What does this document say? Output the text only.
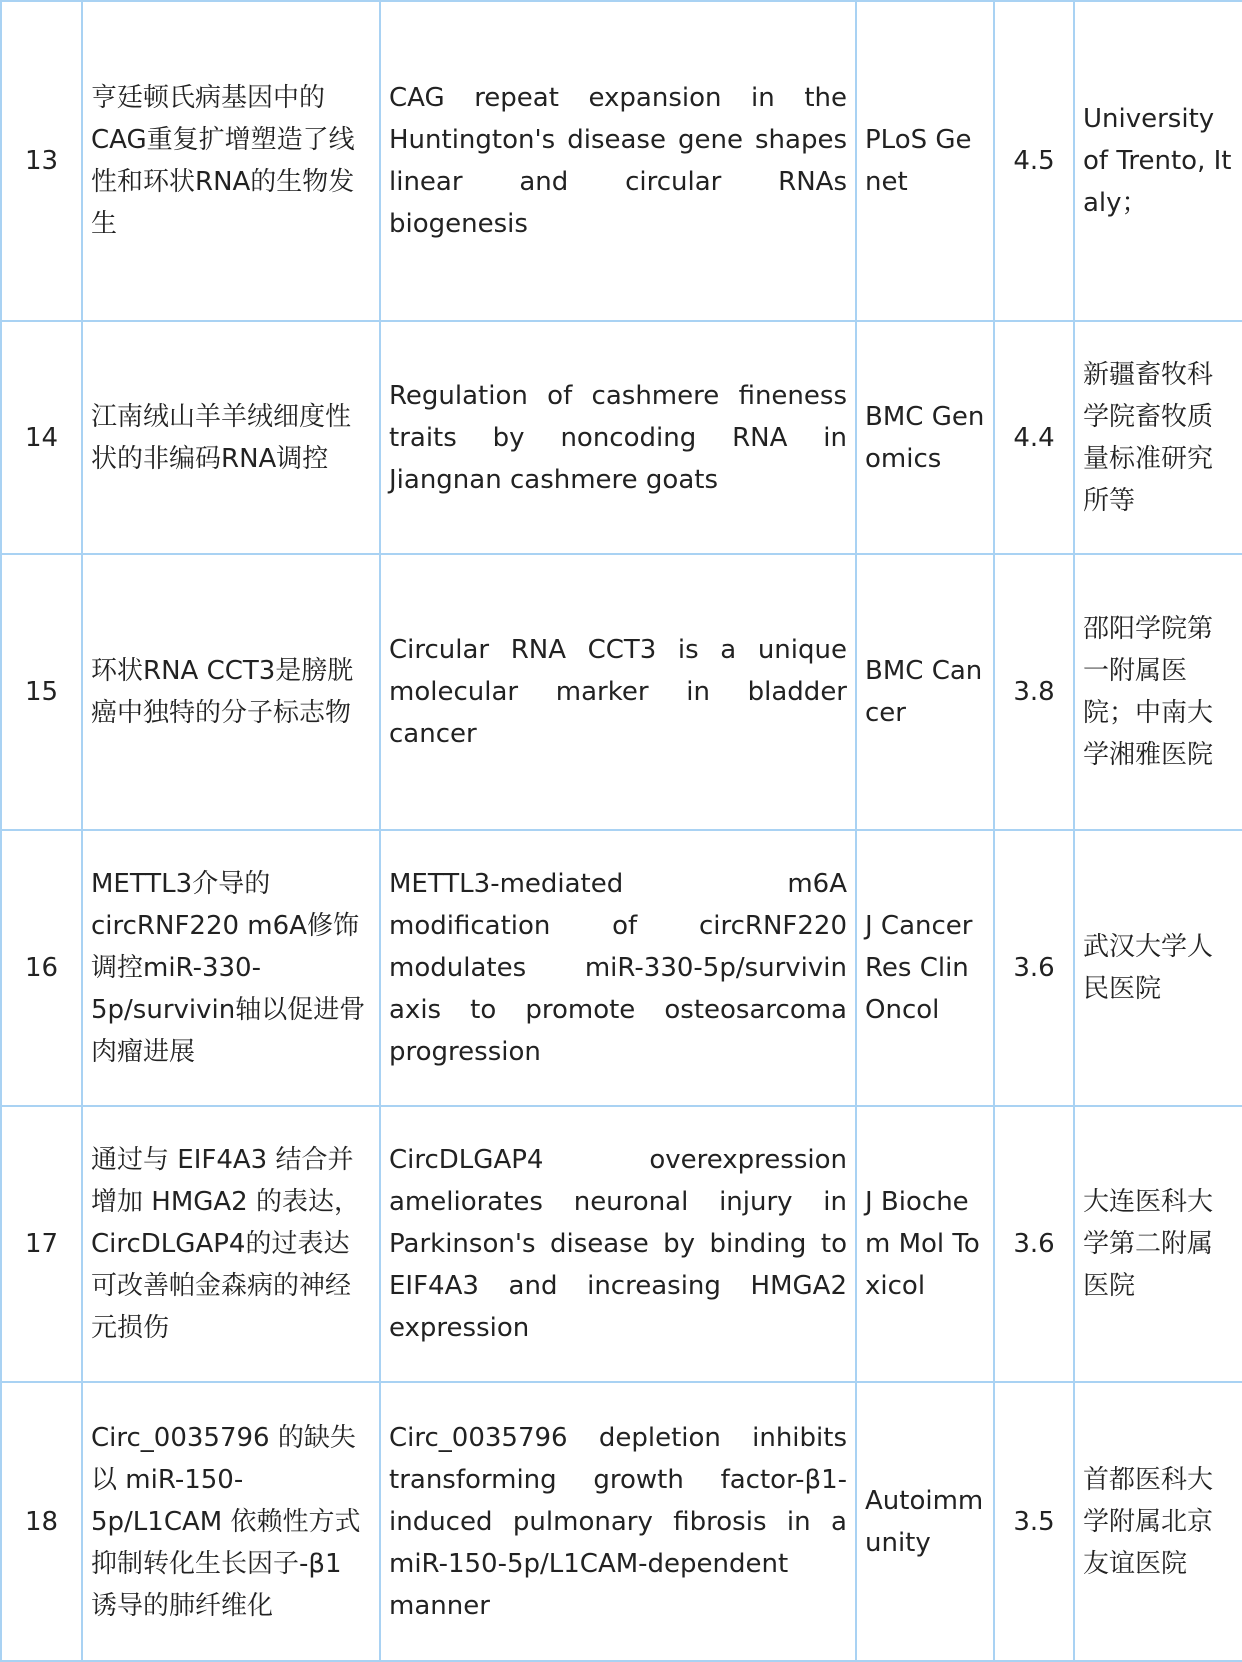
13	亨廷顿氏病基因中的CAG重复扩增塑造了线性和环状RNA的生物发生	CAG repeat expansion in the Huntington's disease gene shapes linear and circular RNAs biogenesis	PLoS Genet	4.5	University of Trento, Italy；
14	江南绒山羊羊绒细度性状的非编码RNA调控	Regulation of cashmere fineness traits by noncoding RNA in Jiangnan cashmere goats	BMC Genomics	4.4	新疆畜牧科学院畜牧质量标准研究所等
15	环状RNA CCT3是膀胱癌中独特的分子标志物	Circular RNA CCT3 is a unique molecular marker in bladder cancer	BMC Cancer	3.8	邵阳学院第一附属医院；中南大学湘雅医院
16	METTL3介导的circRNF220 m6A修饰调控miR-330-5p/survivin轴以促进骨肉瘤进展	METTL3-mediated m6A modification of circRNF220 modulates miR-330-5p/survivin axis to promote osteosarcoma progression	J Cancer Res Clin Oncol	3.6	武汉大学人民医院
17	通过与 EIF4A3 结合并增加 HMGA2 的表达，CircDLGAP4的过表达可改善帕金森病的神经元损伤	CircDLGAP4 overexpression ameliorates neuronal injury in Parkinson's disease by binding to EIF4A3 and increasing HMGA2 expression	J Biochem Mol Toxicol	3.6	大连医科大学第二附属医院
18	Circ_0035796 的缺失以 miR-150-5p/L1CAM 依赖性方式抑制转化生长因子-β1 诱导的肺纤维化	Circ_0035796 depletion inhibits transforming growth factor-β1-induced pulmonary fibrosis in a miR-150-5p/L1CAM-dependent manner	Autoimmunity	3.5	首都医科大学附属北京友谊医院
